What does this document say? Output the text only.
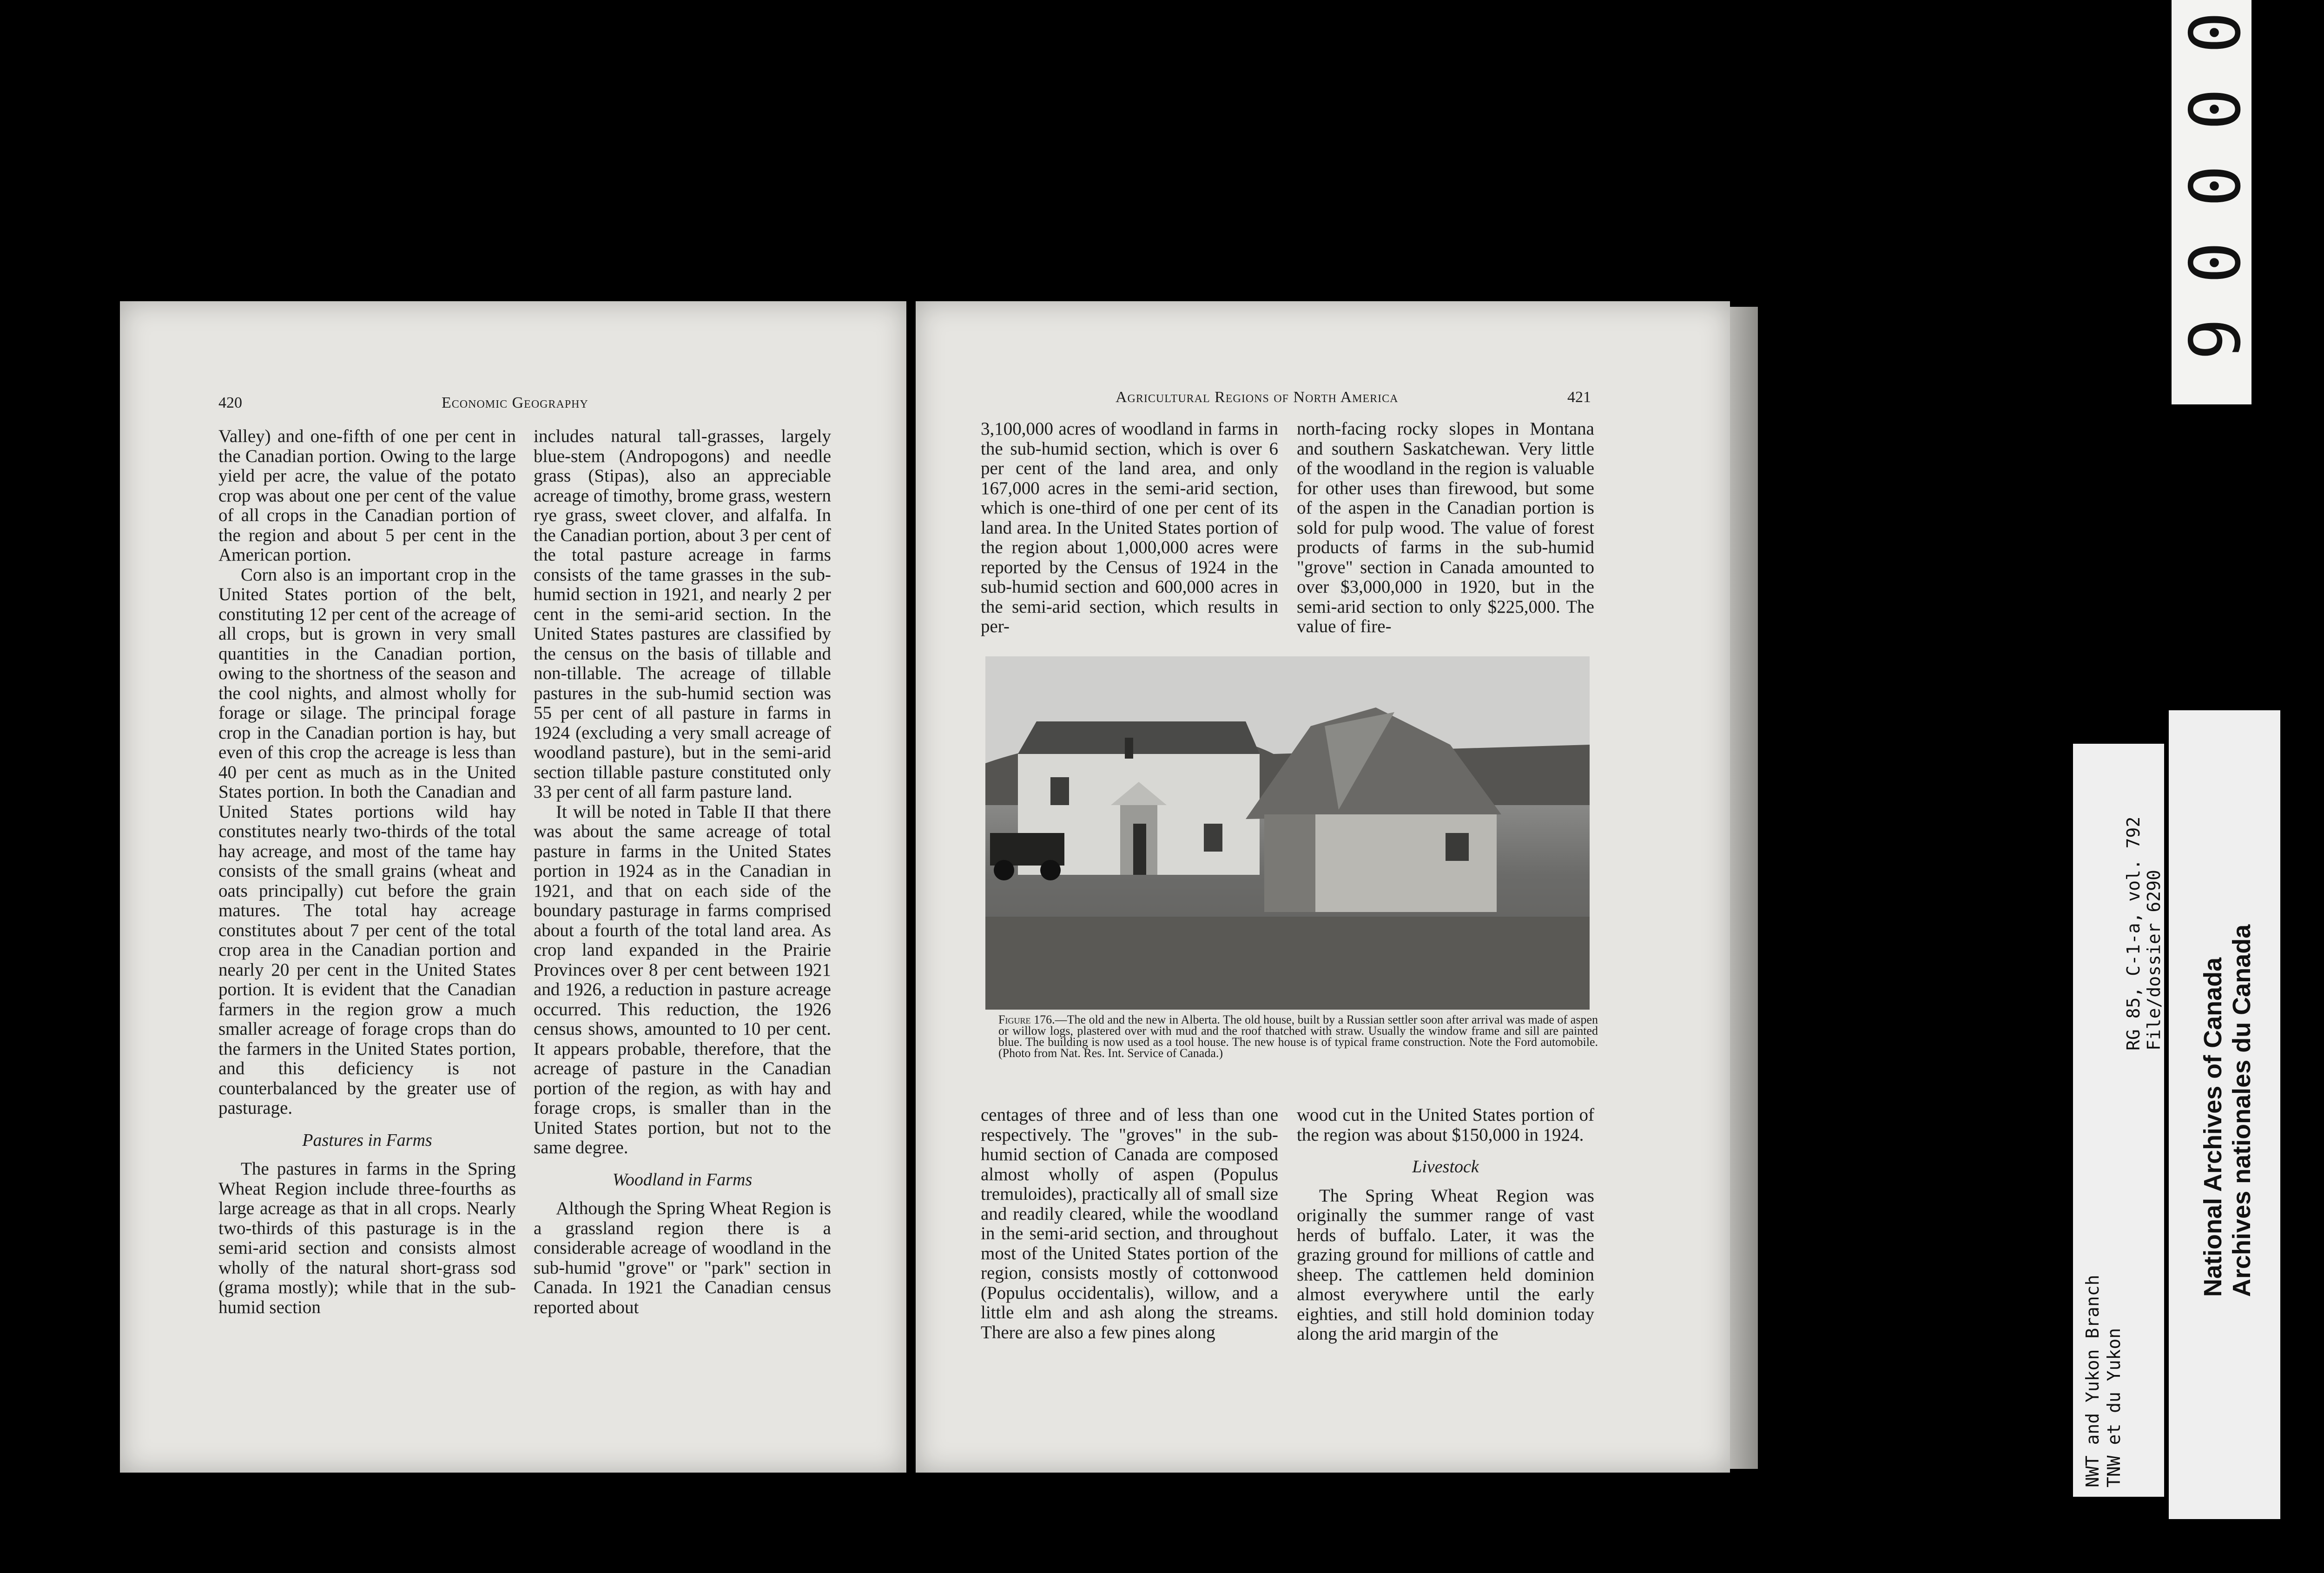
420	Economic Geography

Valley) and one-fifth of one per cent in the Canadian portion. Owing to the large yield per acre, the value of the potato crop was about one per cent of the value of all crops in the Canadian portion of the region and about 5 per cent in the American portion.

Corn also is an important crop in the United States portion of the belt, constituting 12 per cent of the acreage of all crops, but is grown in very small quantities in the Canadian portion, owing to the shortness of the season and the cool nights, and almost wholly for forage or silage. The principal forage crop in the Canadian portion is hay, but even of this crop the acreage is less than 40 per cent as much as in the United States portion. In both the Canadian and United States portions wild hay constitutes nearly two-thirds of the total hay acreage, and most of the tame hay consists of the small grains (wheat and oats principally) cut before the grain matures. The total hay acreage constitutes about 7 per cent of the total crop area in the Canadian portion and nearly 20 per cent in the United States portion. It is evident that the Canadian farmers in the region grow a much smaller acreage of forage crops than do the farmers in the United States portion, and this deficiency is not counterbalanced by the greater use of pasturage.

Pastures in Farms

The pastures in farms in the Spring Wheat Region include three-fourths as large acreage as that in all crops. Nearly two-thirds of this pasturage is in the semi-arid section and consists almost wholly of the natural short-grass sod (grama mostly); while that in the sub-humid section

includes natural tall-grasses, largely blue-stem (Andropogons) and needle grass (Stipas), also an appreciable acreage of timothy, brome grass, western rye grass, sweet clover, and alfalfa. In the Canadian portion, about 3 per cent of the total pasture acreage in farms consists of the tame grasses in the sub-humid section in 1921, and nearly 2 per cent in the semi-arid section. In the United States pastures are classified by the census on the basis of tillable and non-tillable. The acreage of tillable pastures in the sub-humid section was 55 per cent of all pasture in farms in 1924 (excluding a very small acreage of woodland pasture), but in the semi-arid section tillable pasture constituted only 33 per cent of all farm pasture land.

It will be noted in Table II that there was about the same acreage of total pasture in farms in the United States portion in 1924 as in the Canadian in 1921, and that on each side of the boundary pasturage in farms comprised about a fourth of the total land area. As crop land expanded in the Prairie Provinces over 8 per cent between 1921 and 1926, a reduction in pasture acreage occurred. This reduction, the 1926 census shows, amounted to 10 per cent. It appears probable, therefore, that the acreage of pasture in the Canadian portion of the region, as with hay and forage crops, is smaller than in the United States portion, but not to the same degree.

Woodland in Farms

Although the Spring Wheat Region is a grassland region there is a considerable acreage of woodland in the sub-humid "grove" or "park" section in Canada. In 1921 the Canadian census reported about

Agricultural Regions of North America	421

3,100,000 acres of woodland in farms in the sub-humid section, which is over 6 per cent of the land area, and only 167,000 acres in the semi-arid section, which is one-third of one per cent of its land area. In the United States portion of the region about 1,000,000 acres were reported by the Census of 1924 in the sub-humid section and 600,000 acres in the semi-arid section, which results in per-

north-facing rocky slopes in Montana and southern Saskatchewan. Very little of the woodland in the region is valuable for other uses than firewood, but some of the aspen in the Canadian portion is sold for pulp wood. The value of forest products of farms in the sub-humid "grove" section in Canada amounted to over $3,000,000 in 1920, but in the semi-arid section to only $225,000. The value of fire-

Figure 176.—The old and the new in Alberta. The old house, built by a Russian settler soon after arrival was made of aspen or willow logs, plastered over with mud and the roof thatched with straw. Usually the window frame and sill are painted blue. The building is now used as a tool house. The new house is of typical frame construction. Note the Ford automobile. (Photo from Nat. Res. Int. Service of Canada.)

centages of three and of less than one respectively. The "groves" in the sub-humid section of Canada are composed almost wholly of aspen (Populus tremuloides), practically all of small size and readily cleared, while the woodland in the semi-arid section, and throughout most of the United States portion of the region, consists mostly of cottonwood (Populus occidentalis), willow, and a little elm and ash along the streams. There are also a few pines along

wood cut in the United States portion of the region was about $150,000 in 1924.

Livestock

The Spring Wheat Region was originally the summer range of vast herds of buffalo. Later, it was the grazing ground for millions of cattle and sheep. The cattlemen held dominion almost everywhere until the early eighties, and still hold dominion today along the arid margin of the

0
0
0
0
6
NWT and Yukon Branch TNW et du Yukon
RG 85, C-1-a, vol. 792 File/dossier 6290 National Archives of Canada Archives nationales du Canada
